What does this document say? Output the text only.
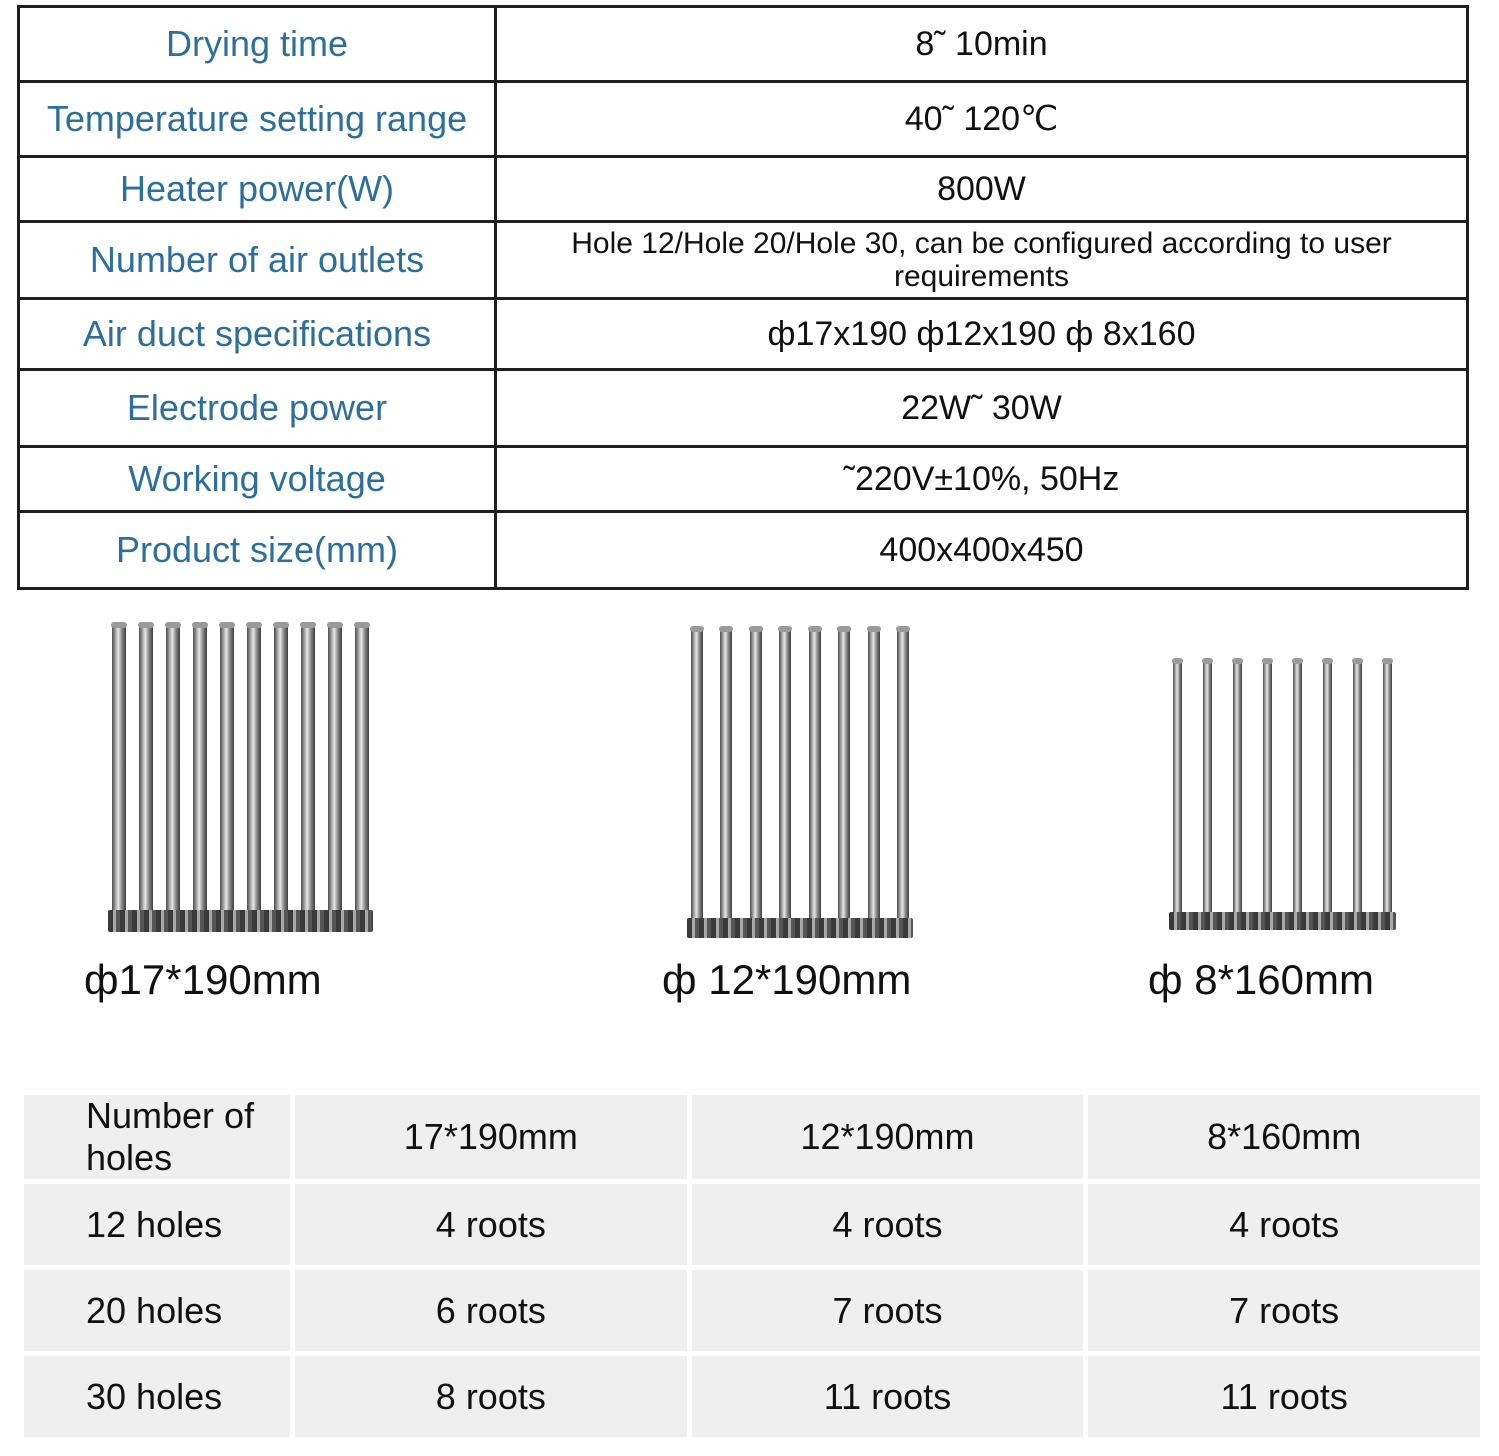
Drying time	8˜ 10min
Temperature setting range	40˜ 120℃
Heater power(W)	800W
Number of air outlets	Hole 12/Hole 20/Hole 30, can be configured according to user requirements
Air duct specifications	ф17x190 ф12x190 ф 8x160
Electrode power	22W˜ 30W
Working voltage	˜220V±10%, 50Hz
Product size(mm)	400x400x450
ф17*190mm	ф 12*190mm	ф 8*160mm
Number of holes	17*190mm	12*190mm	8*160mm
12 holes	4 roots	4 roots	4 roots
20 holes	6 roots	7 roots	7 roots
30 holes	8 roots	11 roots	11 roots
